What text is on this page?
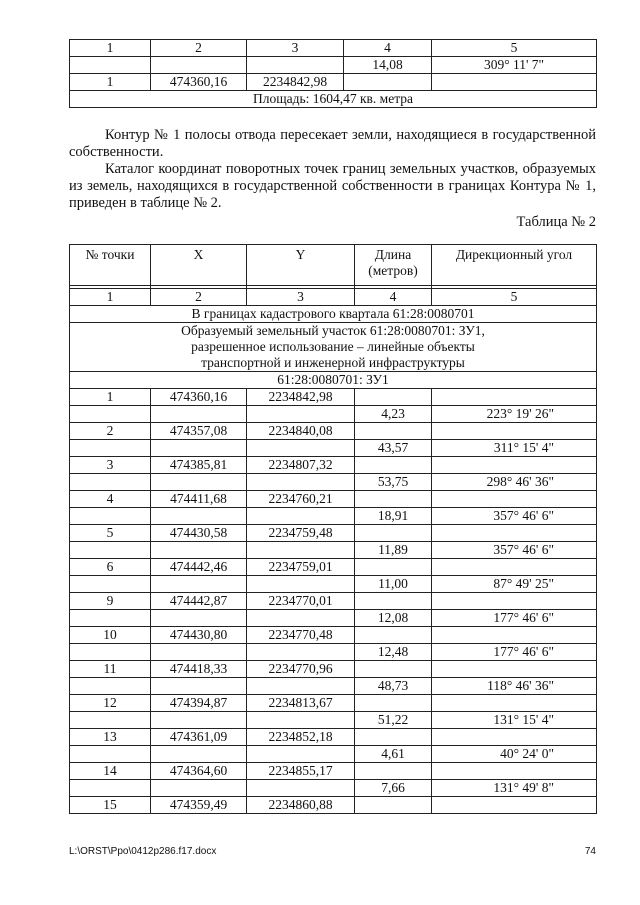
1	2	3	4	5
			14,08	309° 11' 7"
1	474360,16	2234842,98		
Площадь: 1604,47 кв. метра				

Контур № 1 полосы отвода пересекает земли, находящиеся в государственной собственности.

Каталог координат поворотных точек границ земельных участков, образуемых из земель, находящихся в государственной собственности в границах Контура № 1, приведен в таблице № 2.

Таблица № 2
№ точки	X	Y	Длина (метров)	Дирекционный угол

1	2	3	4	5
В границах кадастрового квартала 61:28:0080701				
Образуемый земельный участок 61:28:0080701: ЗУ1, разрешенное использование – линейные объекты транспортной и инженерной инфраструктуры				
61:28:0080701: ЗУ1				
1	474360,16	2234842,98		
			4,23	223° 19' 26"
2	474357,08	2234840,08		
			43,57	311° 15' 4"
3	474385,81	2234807,32		
			53,75	298° 46' 36"
4	474411,68	2234760,21		
			18,91	357° 46' 6"
5	474430,58	2234759,48		
			11,89	357° 46' 6"
6	474442,46	2234759,01		
			11,00	87° 49' 25"
9	474442,87	2234770,01		
			12,08	177° 46' 6"
10	474430,80	2234770,48		
			12,48	177° 46' 6"
11	474418,33	2234770,96		
			48,73	118° 46' 36"
12	474394,87	2234813,67		
			51,22	131° 15' 4"
13	474361,09	2234852,18		
			4,61	40° 24' 0"
14	474364,60	2234855,17		
			7,66	131° 49' 8"
15	474359,49	2234860,88		
L:\ORST\Ppo\0412p286.f17.docx	74
